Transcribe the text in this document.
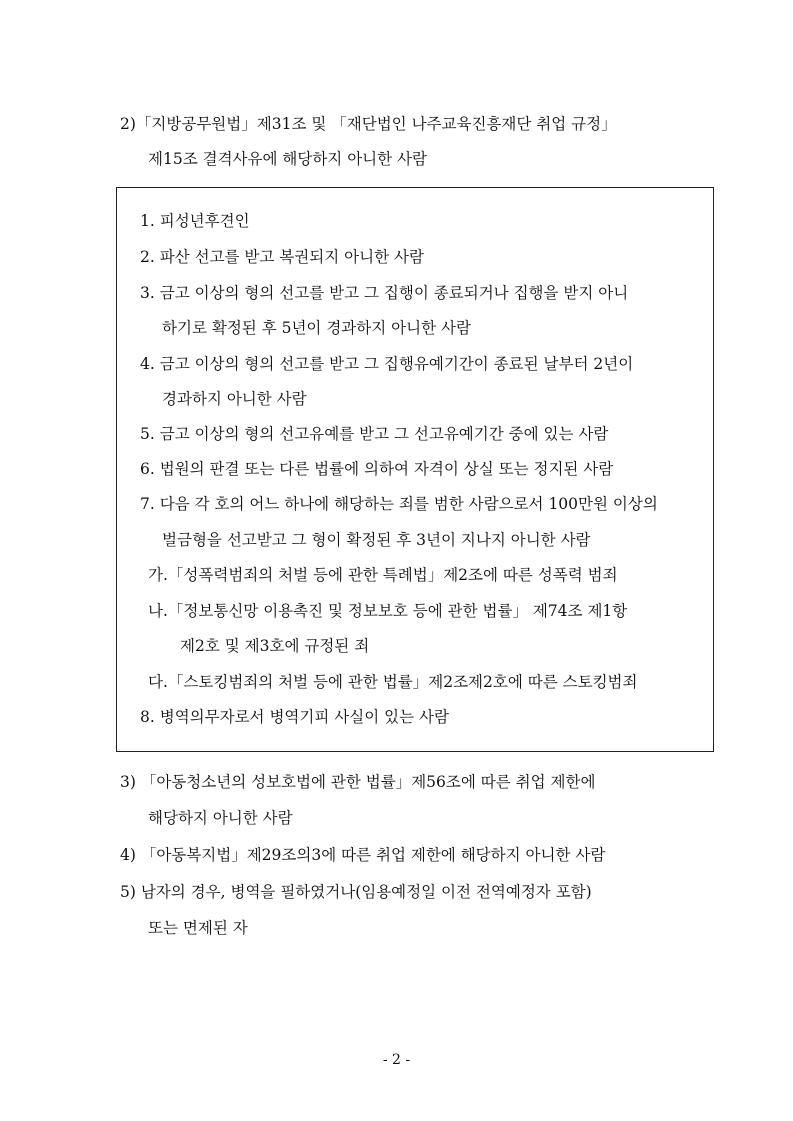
2)「지방공무원법」제31조 및 「재단법인 나주교육진흥재단 취업 규정」
제15조 결격사유에 해당하지 아니한 사람
1. 피성년후견인
2. 파산 선고를 받고 복권되지 아니한 사람
3. 금고 이상의 형의 선고를 받고 그 집행이 종료되거나 집행을 받지 아니
하기로 확정된 후 5년이 경과하지 아니한 사람
4. 금고 이상의 형의 선고를 받고 그 집행유예기간이 종료된 날부터 2년이
경과하지 아니한 사람
5. 금고 이상의 형의 선고유예를 받고 그 선고유예기간 중에 있는 사람
6. 법원의 판결 또는 다른 법률에 의하여 자격이 상실 또는 정지된 사람
7. 다음 각 호의 어느 하나에 해당하는 죄를 범한 사람으로서 100만원 이상의
벌금형을 선고받고 그 형이 확정된 후 3년이 지나지 아니한 사람
가.「성폭력범죄의 처벌 등에 관한 특례법」제2조에 따른 성폭력 범죄
나.「정보통신망 이용촉진 및 정보보호 등에 관한 법률」 제74조 제1항
제2호 및 제3호에 규정된 죄
다.「스토킹범죄의 처벌 등에 관한 법률」제2조제2호에 따른 스토킹범죄
8. 병역의무자로서 병역기피 사실이 있는 사람
3) 「아동청소년의 성보호법에 관한 법률」제56조에 따른 취업 제한에
해당하지 아니한 사람
4) 「아동복지법」제29조의3에 따른 취업 제한에 해당하지 아니한 사람
5) 남자의 경우, 병역을 필하였거나(임용예정일 이전 전역예정자 포함)
또는 면제된 자
- 2 -
